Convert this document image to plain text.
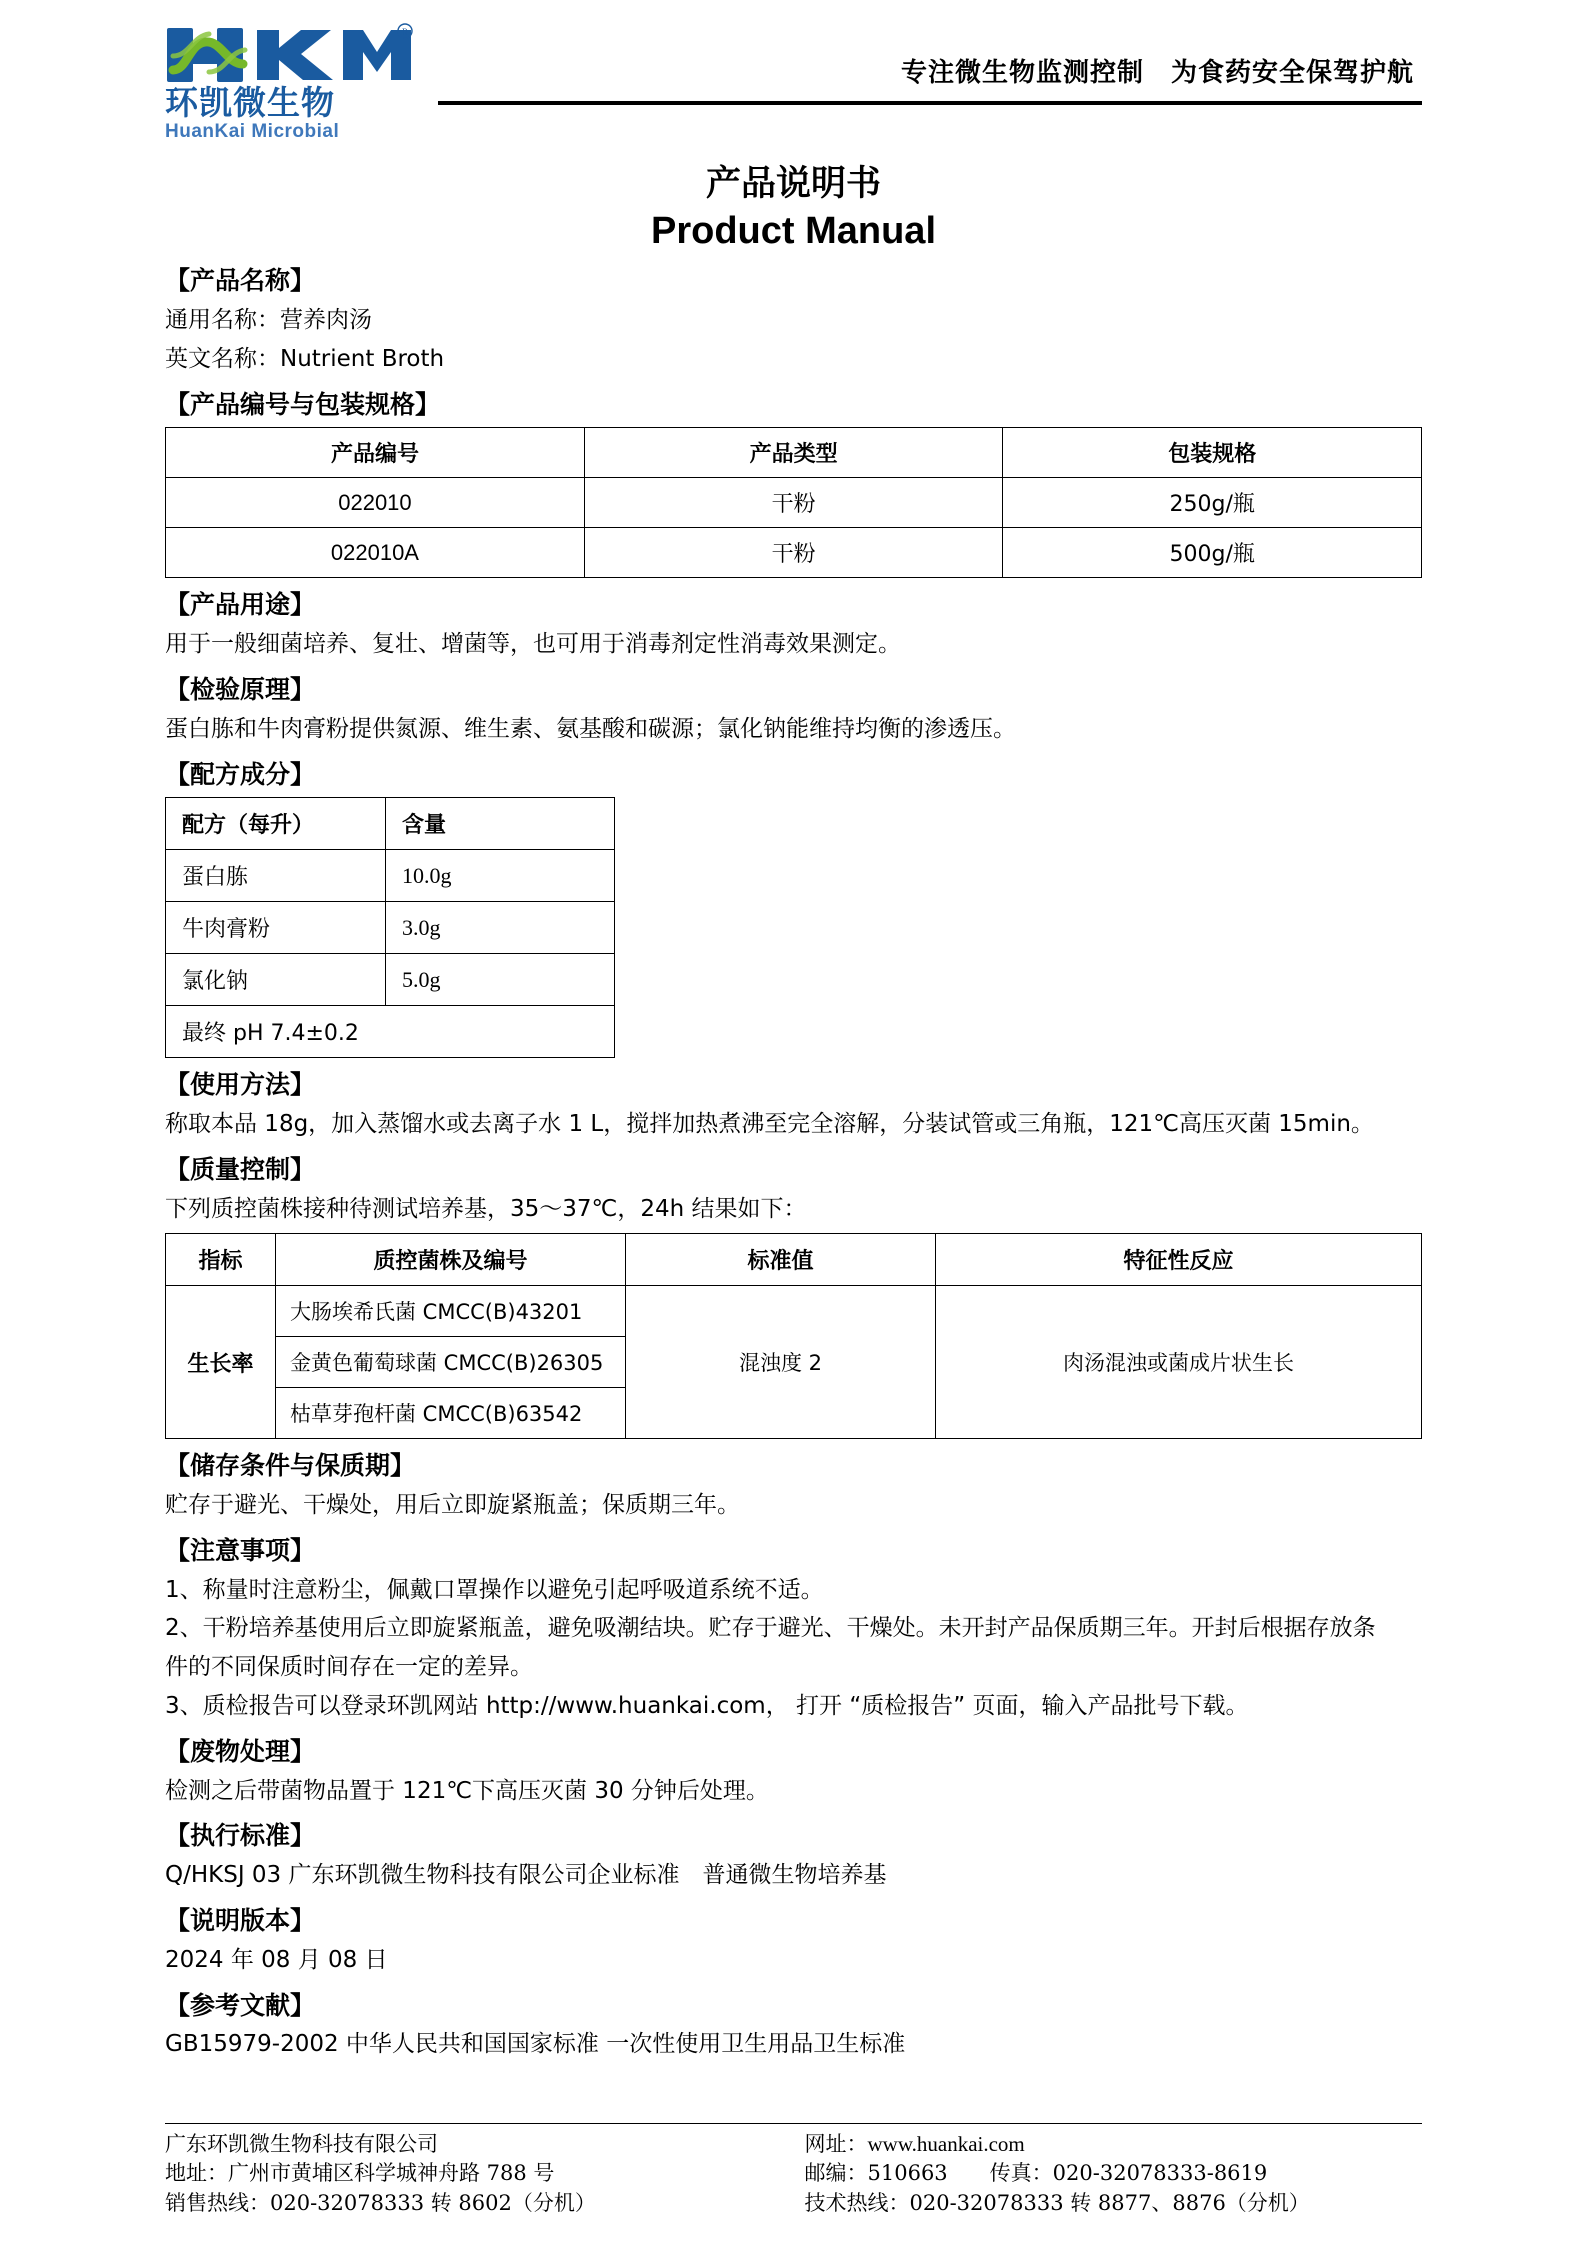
R
环凯微生物
HuanKai Microbial
专注微生物监测控制　为食药安全保驾护航
产品说明书
Product Manual
【产品名称】
通用名称：营养肉汤
英文名称：Nutrient Broth
【产品编号与包装规格】
产品编号	产品类型	包装规格
022010	干粉	250g/瓶
022010A	干粉	500g/瓶
【产品用途】
用于一般细菌培养、复壮、增菌等，也可用于消毒剂定性消毒效果测定。
【检验原理】
蛋白胨和牛肉膏粉提供氮源、维生素、氨基酸和碳源；氯化钠能维持均衡的渗透压。
【配方成分】
配方（每升）	含量
蛋白胨	10.0g
牛肉膏粉	3.0g
氯化钠	5.0g
最终 pH 7.4±0.2	
【使用方法】
称取本品 18g，加入蒸馏水或去离子水 1 L，搅拌加热煮沸至完全溶解，分装试管或三角瓶，121℃高压灭菌 15min。
【质量控制】
下列质控菌株接种待测试培养基，35～37℃，24h 结果如下：
指标	质控菌株及编号	标准值	特征性反应
生长率	大肠埃希氏菌 CMCC(B)43201	混浊度 2	肉汤混浊或菌成片状生长
	金黄色葡萄球菌 CMCC(B)26305		
	枯草芽孢杆菌 CMCC(B)63542		
【储存条件与保质期】
贮存于避光、干燥处，用后立即旋紧瓶盖；保质期三年。
【注意事项】
1、称量时注意粉尘，佩戴口罩操作以避免引起呼吸道系统不适。
2、干粉培养基使用后立即旋紧瓶盖，避免吸潮结块。贮存于避光、干燥处。未开封产品保质期三年。开封后根据存放条
件的不同保质时间存在一定的差异。
3、质检报告可以登录环凯网站 http://www.huankai.com， 打开 “质检报告” 页面，输入产品批号下载。
【废物处理】
检测之后带菌物品置于 121℃下高压灭菌 30 分钟后处理。
【执行标准】
Q/HKSJ 03 广东环凯微生物科技有限公司企业标准　普通微生物培养基
【说明版本】
2024 年 08 月 08 日
【参考文献】
GB15979-2002 中华人民共和国国家标准 一次性使用卫生用品卫生标准
广东环凯微生物科技有限公司
地址：广州市黄埔区科学城神舟路 788 号
销售热线：020-32078333 转 8602（分机）
网址：www.huankai.com
邮编：510663　　传真：020-32078333-8619
技术热线：020-32078333 转 8877、8876（分机）
